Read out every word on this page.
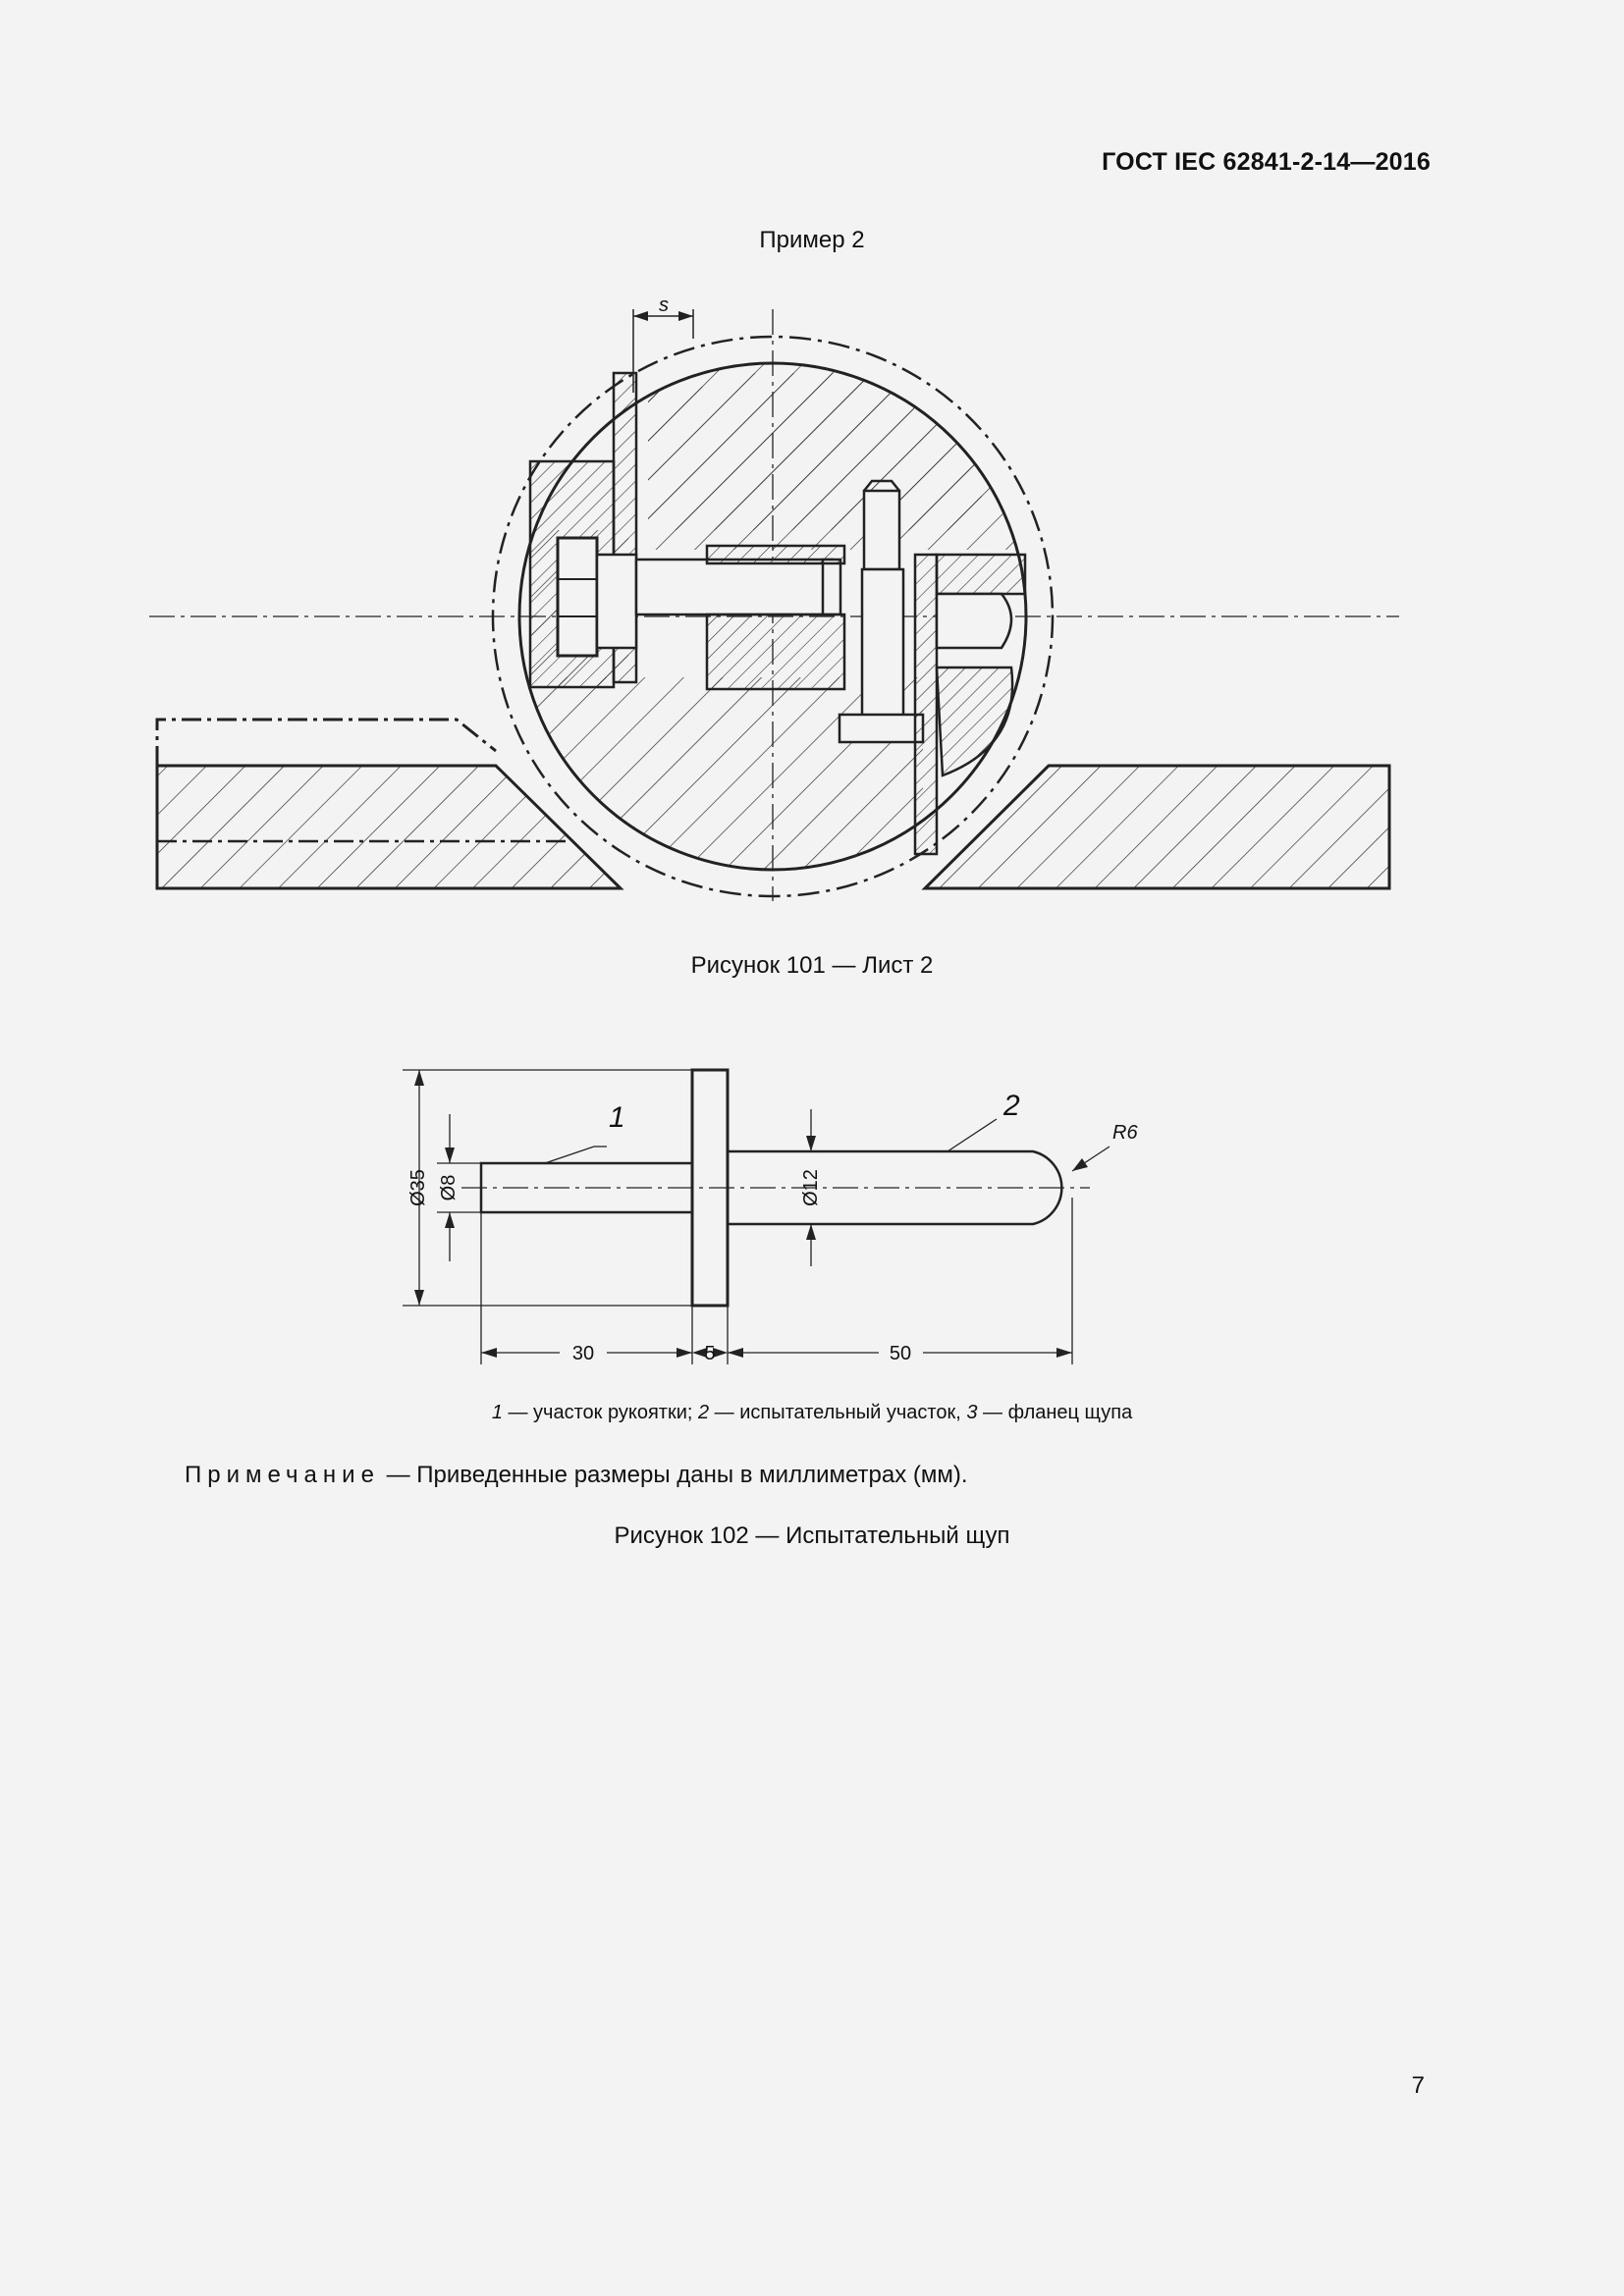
ГОСТ IEC 62841-2-14—2016
Пример 2
s
Рисунок 101 — Лист 2
Ø35 Ø8	Ø12
1	2
R6
30	5	50
1 — участок рукоятки; 2 — испытательный участок, 3 — фланец щупа
Примечание — Приведенные размеры даны в миллиметрах (мм).
Рисунок 102 — Испытательный щуп
7
